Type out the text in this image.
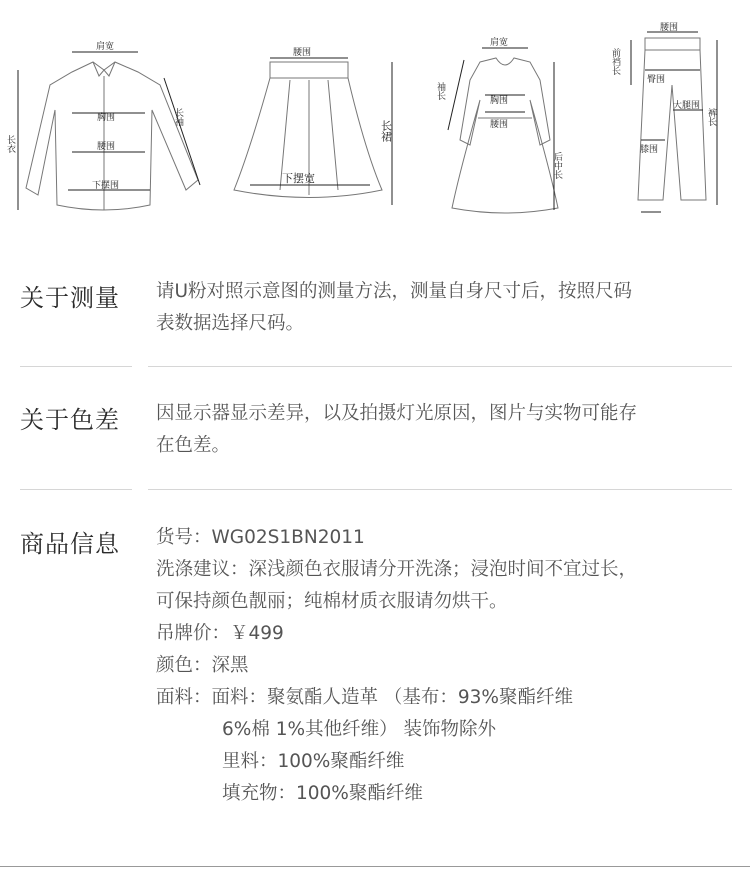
肩宽
胸围
腰围
下摆围
长衣
长袖
腰围
下摆宽
长裙
肩宽
胸围
腰围
袖长
后中长
腰围
前裆长
臀围
大腿围
膝围
裤长
关于测量 请U粉对照示意图的测量方法，测量自身尺寸后，按照尺码
表数据选择尺码。
关于色差 因显示器显示差异，以及拍摄灯光原因，图片与实物可能存
在色差。
商品信息 货号：WG02S1BN2011
洗涤建议：深浅颜色衣服请分开洗涤；浸泡时间不宜过长，
可保持颜色靓丽；纯棉材质衣服请勿烘干。
吊牌价：￥499
颜色：深黑
面料：面料：聚氨酯人造革 （基布：93%聚酯纤维
6%棉 1%其他纤维） 装饰物除外
里料：100%聚酯纤维
填充物：100%聚酯纤维
